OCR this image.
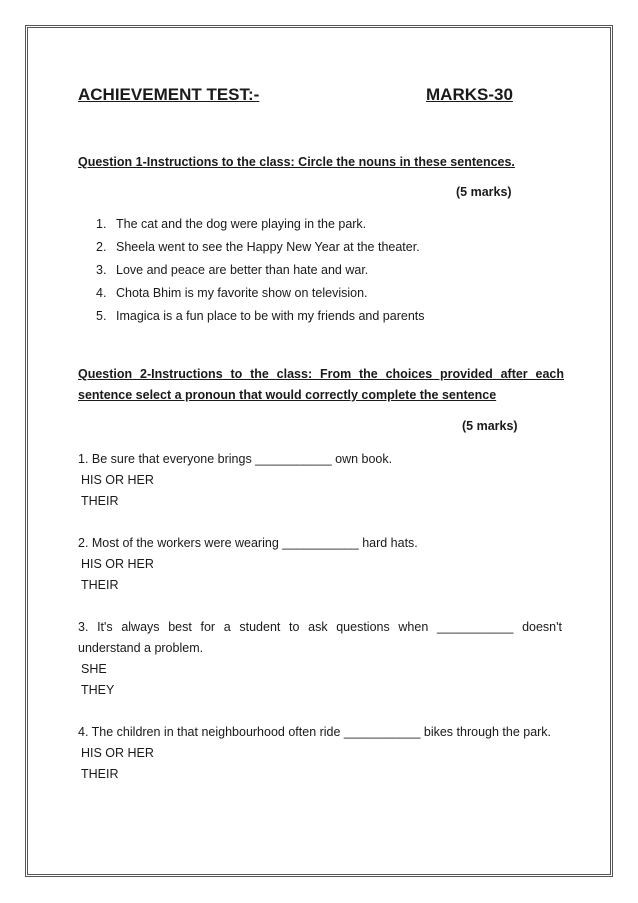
ACHIEVEMENT TEST:-	MARKS-30
Question 1-Instructions to the class: Circle the nouns in these sentences.
(5 marks)
1. The cat and the dog were playing in the park.
2. Sheela went to see the Happy New Year at the theater.
3. Love and peace are better than hate and war.
4. Chota Bhim is my favorite show on television.
5. Imagica is a fun place to be with my friends and parents
Question 2-Instructions to the class: From the choices provided after each sentence select a pronoun that would correctly complete the sentence
(5 marks)
1. Be sure that everyone brings ___________ own book.
HIS OR HER
THEIR
2. Most of the workers were wearing ___________ hard hats.
HIS OR HER
THEIR
3. It's always best for a student to ask questions when ___________ doesn't understand a problem.
SHE
THEY
4. The children in that neighbourhood often ride ___________ bikes through the park.
HIS OR HER
THEIR
